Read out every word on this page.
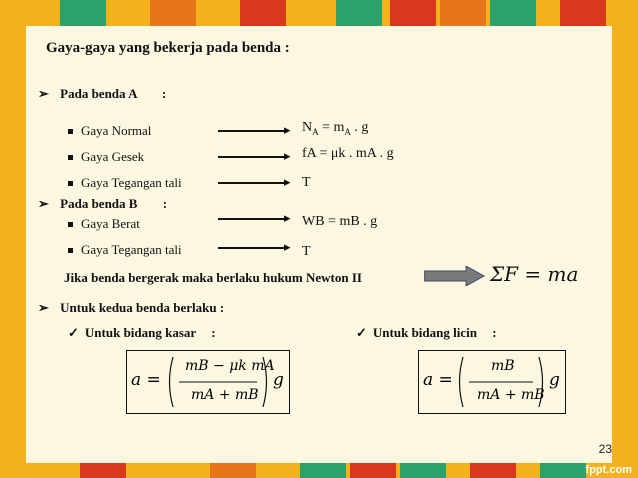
Gaya-gaya yang bekerja pada benda :
➢ Pada benda A :
Gaya Normal	▸ $N_A = m_A$ . g
Gaya Gesek	▸ fA = μk . mA . g
Gaya Tegangan tali	▸ T
➢ Pada benda B :
Gaya Berat	▸ WB = mB . g
Gaya Tegangan tali	▸ T
Jika benda bergerak maka berlaku hukum Newton II	ΣF = ma
➢ Untuk kedua benda berlaku :
✓ Untuk bidang kasar :	✓ Untuk bidang licin :
a =
mB − μk mA
mA + mB
g	a =
mB
mA + mB
g
23
fppt.com
